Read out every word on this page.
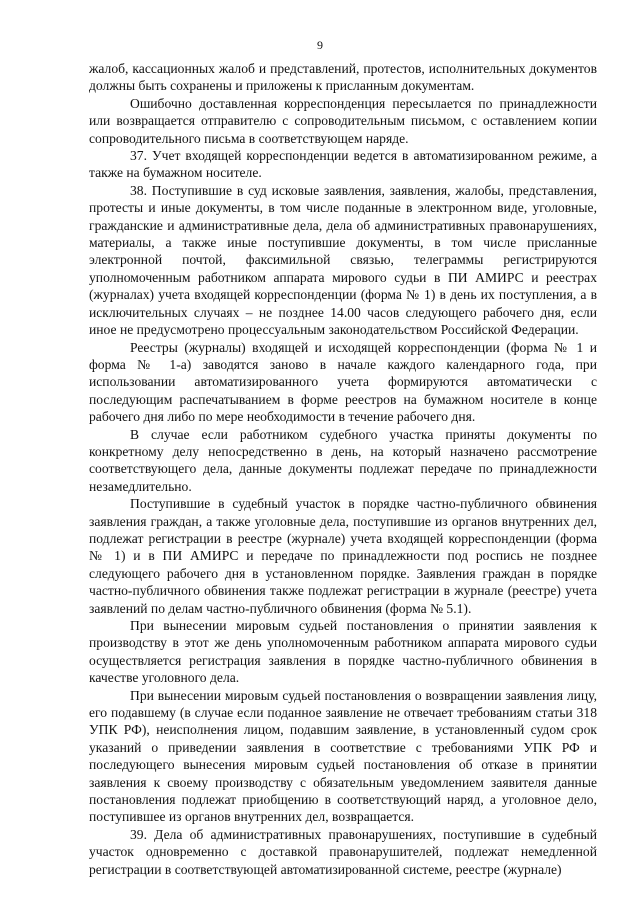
9

жалоб, кассационных жалоб и представлений, протестов, исполнительных документов должны быть сохранены и приложены к присланным документам.

Ошибочно доставленная корреспонденция пересылается по принадлежности или возвращается отправителю с сопроводительным письмом, с оставлением копии сопроводительного письма в соответствующем наряде.

37. Учет входящей корреспонденции ведется в автоматизированном режиме, а также на бумажном носителе.

38. Поступившие в суд исковые заявления, заявления, жалобы, представления, протесты и иные документы, в том числе поданные в электронном виде, уголовные, гражданские и административные дела, дела об административных правонарушениях, материалы, а также иные поступившие документы, в том числе присланные электронной почтой, факсимильной связью, телеграммы регистрируются уполномоченным работником аппарата мирового судьи в ПИ АМИРС и реестрах (журналах) учета входящей корреспонденции (форма № 1) в день их поступления, а в исключительных случаях – не позднее 14.00 часов следующего рабочего дня, если иное не предусмотрено процессуальным законодательством Российской Федерации.

Реестры (журналы) входящей и исходящей корреспонденции (форма № 1 и форма № 1-а) заводятся заново в начале каждого календарного года, при использовании автоматизированного учета формируются автоматически с последующим распечатыванием в форме реестров на бумажном носителе в конце рабочего дня либо по мере необходимости в течение рабочего дня.

В случае если работником судебного участка приняты документы по конкретному делу непосредственно в день, на который назначено рассмотрение соответствующего дела, данные документы подлежат передаче по принадлежности незамедлительно.

Поступившие в судебный участок в порядке частно-публичного обвинения заявления граждан, а также уголовные дела, поступившие из органов внутренних дел, подлежат регистрации в реестре (журнале) учета входящей корреспонденции (форма № 1) и в ПИ АМИРС и передаче по принадлежности под роспись не позднее следующего рабочего дня в установленном порядке. Заявления граждан в порядке частно-публичного обвинения также подлежат регистрации в журнале (реестре) учета заявлений по делам частно-публичного обвинения (форма № 5.1).

При вынесении мировым судьей постановления о принятии заявления к производству в этот же день уполномоченным работником аппарата мирового судьи осуществляется регистрация заявления в порядке частно-публичного обвинения в качестве уголовного дела.

При вынесении мировым судьей постановления о возвращении заявления лицу, его подавшему (в случае если поданное заявление не отвечает требованиям статьи 318 УПК РФ), неисполнения лицом, подавшим заявление, в установленный судом срок указаний о приведении заявления в соответствие с требованиями УПК РФ и последующего вынесения мировым судьей постановления об отказе в принятии заявления к своему производству с обязательным уведомлением заявителя данные постановления подлежат приобщению в соответствующий наряд, а уголовное дело, поступившее из органов внутренних дел, возвращается.

39. Дела об административных правонарушениях, поступившие в судебный участок одновременно с доставкой правонарушителей, подлежат немедленной регистрации в соответствующей автоматизированной системе, реестре (журнале)
